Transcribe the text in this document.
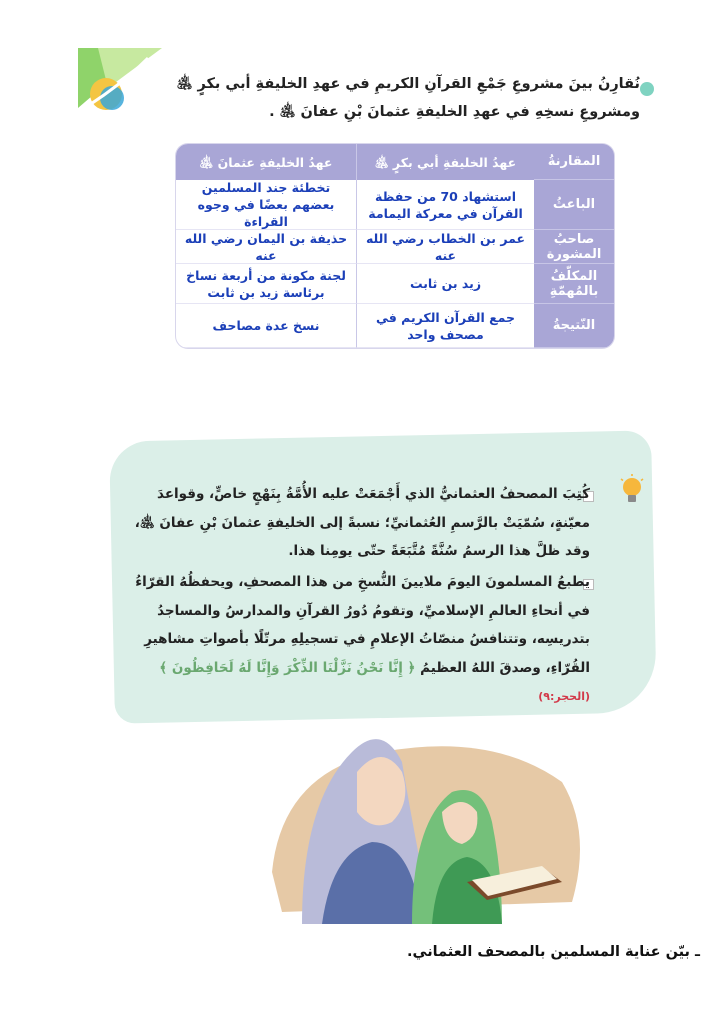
نُقارِنُ بينَ مشروعِ جَمْعِ القرآنِ الكريمِ في عهدِ الخليفةِ أبي بكرٍ ﵁ ومشروعِ نسخِهِ في عهدِ الخليفةِ عثمانَ بْنِ عفانَ ﵁ .
المقارنةُ
عهدُ الخليفةِ أبي بكرٍ ﵁
عهدُ الخليفةِ عثمانَ ﵁
الباعثُ
استشهاد 70 من حفظة القرآن في معركة اليمامة
تخطئة جند المسلمين بعضهم بعضًا في وجوه القراءة
صاحبُ المشورة
عمر بن الخطاب رضي الله عنه
حذيفة بن اليمان رضي الله عنه
المكلّفُ بالمُهمّةِ
زيد بن ثابت
لجنة مكونة من أربعة نساخ برئاسة زيد بن ثابت
النّتيجةُ
جمع القرآن الكريم في مصحف واحد
نسخ عدة مصاحف
كُتِبَ المصحفُ العثمانيُّ الذي أَجْمَعَتْ عليه الأُمَّةُ بِنَهْجٍ خاصٍّ، وقواعدَ معيّنةٍ، سُمّيَتْ بالرَّسمِ العُثمانيِّ؛ نسبةً إلى الخليفةِ عثمانَ بْنِ عفانَ ﵁، وقد ظلَّ هذا الرسمُ سُنَّةً مُتَّبَعَةً حتّى يومِنا هذا.
يطبعُ المسلمونَ اليومَ ملايينَ النُّسخِ من هذا المصحفِ، ويحفظُهُ القرّاءُ في أنحاءِ العالمِ الإسلاميِّ، وتقومُ دُورُ القرآنِ والمدارسُ والمساجدُ بتدريسِه، وتتنافسُ منصّاتُ الإعلامِ في تسجيلِهِ مرتّلًا بأصواتِ مشاهيرِ القُرّاءِ، وصدقَ اللهُ العظيمُ ﴿ إِنَّا نَحْنُ نَزَّلْنَا الذِّكْرَ وَإِنَّا لَهُ لَحَافِظُونَ ﴾ (الحجر:٩)
ـ بيّن عناية المسلمين بالمصحف العثماني.
